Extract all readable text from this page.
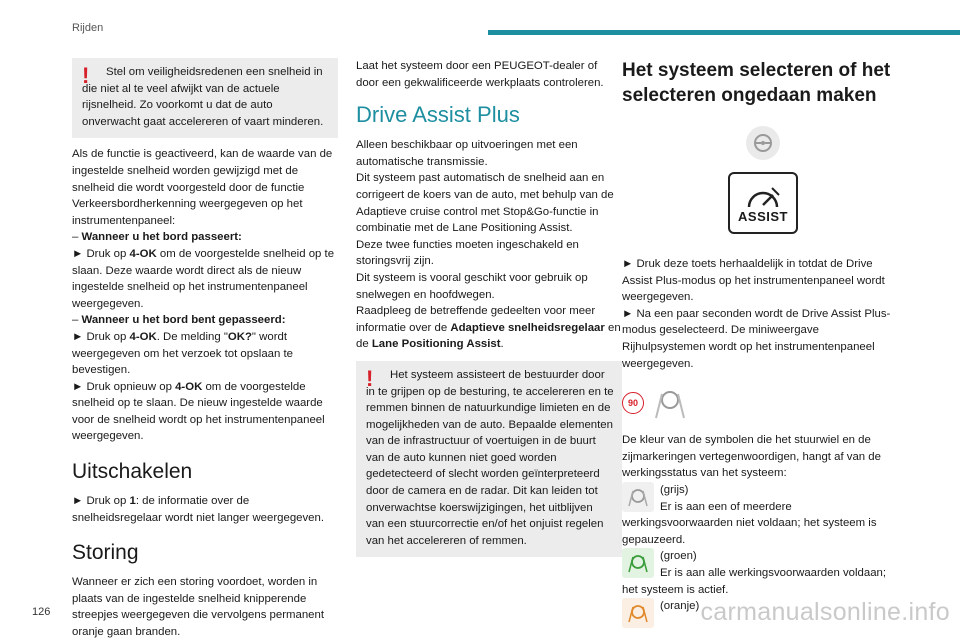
Rijden
!	Stel om veiligheidsredenen een snelheid in die niet al te veel afwijkt van de actuele rijsnelheid. Zo voorkomt u dat de auto onverwacht gaat accelereren of vaart minderen.

Als de functie is geactiveerd, kan de waarde van de ingestelde snelheid worden gewijzigd met de snelheid die wordt voorgesteld door de functie Verkeersbordherkenning weergegeven op het instrumentenpaneel:

– Wanneer u het bord passeert:

► Druk op 4-OK om de voorgestelde snelheid op te slaan. Deze waarde wordt direct als de nieuw ingestelde snelheid op het instrumentenpaneel weergegeven.

– Wanneer u het bord bent gepasseerd:

► Druk op 4-OK. De melding "OK?" wordt weergegeven om het verzoek tot opslaan te bevestigen.

► Druk opnieuw op 4-OK om de voorgestelde snelheid op te slaan. De nieuw ingestelde waarde voor de snelheid wordt op het instrumentenpaneel weergegeven.

Uitschakelen

► Druk op 1: de informatie over de snelheidsregelaar wordt niet langer weergegeven.

Storing

Wanneer er zich een storing voordoet, worden in plaats van de ingestelde snelheid knipperende streepjes weergegeven die vervolgens permanent oranje gaan branden.

Laat het systeem door een PEUGEOT-dealer of door een gekwalificeerde werkplaats controleren.

Drive Assist Plus

Alleen beschikbaar op uitvoeringen met een automatische transmissie.

Dit systeem past automatisch de snelheid aan en corrigeert de koers van de auto, met behulp van de Adaptieve cruise control met Stop&Go-functie in combinatie met de Lane Positioning Assist.

Deze twee functies moeten ingeschakeld en storingsvrij zijn.

Dit systeem is vooral geschikt voor gebruik op snelwegen en hoofdwegen.

Raadpleeg de betreffende gedeelten voor meer informatie over de Adaptieve snelheidsregelaar en de Lane Positioning Assist.

!	Het systeem assisteert de bestuurder door in te grijpen op de besturing, te accelereren en te remmen binnen de natuurkundige limieten en de mogelijkheden van de auto. Bepaalde elementen van de infrastructuur of voertuigen in de buurt van de auto kunnen niet goed worden gedetecteerd of slecht worden geïnterpreteerd door de camera en de radar. Dit kan leiden tot onverwachtse koerswijzigingen, het uitblijven van een stuurcorrectie en/of het onjuist regelen van het accelereren of remmen.

Het systeem selecteren of het selecteren ongedaan maken
ASSIST

► Druk deze toets herhaaldelijk in totdat de Drive Assist Plus-modus op het instrumentenpaneel wordt weergegeven.

► Na een paar seconden wordt de Drive Assist Plus-modus geselecteerd. De miniweergave Rijhulpsystemen wordt op het instrumentenpaneel weergegeven.

90

De kleur van de symbolen die het stuurwiel en de zijmarkeringen vertegenwoordigen, hangt af van de werkingsstatus van het systeem:

(grijs)

Er is aan een of meerdere werkingsvoorwaarden niet voldaan; het systeem is gepauzeerd.

(groen)

Er is aan alle werkingsvoorwaarden voldaan; het systeem is actief.

(oranje)
126	carmanualsonline.info
